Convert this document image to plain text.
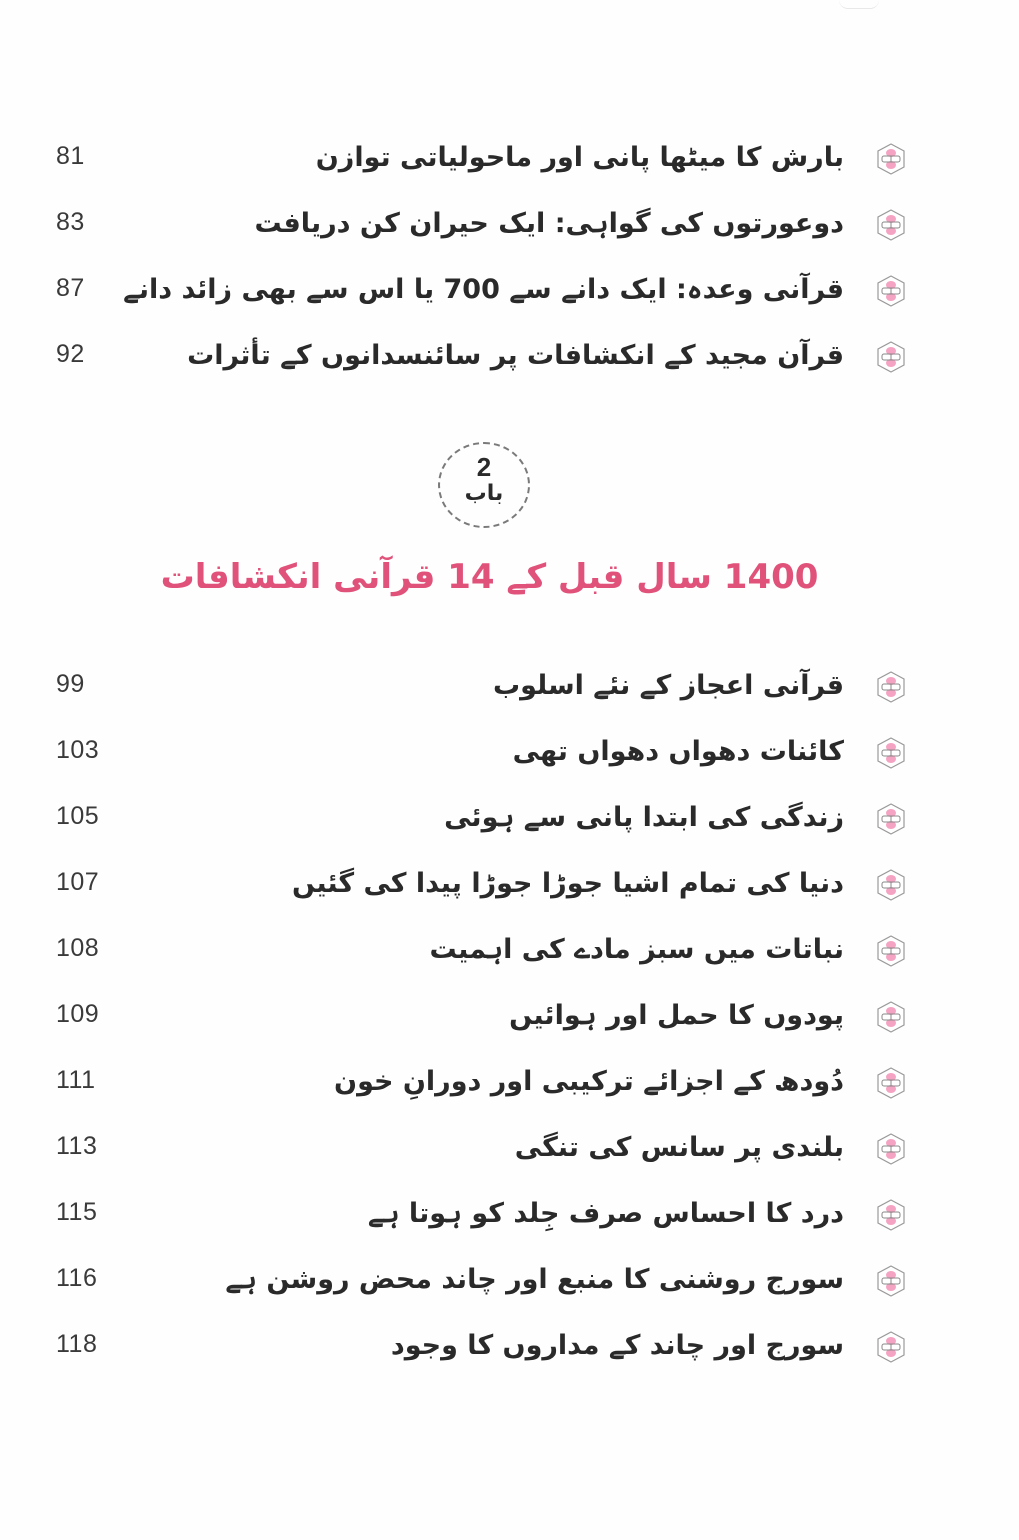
81	بارش کا میٹھا پانی اور ماحولیاتی توازن
83	دوعورتوں کی گواہی: ایک حیران کن دریافت
87 قرآنی وعدہ: ایک دانے سے 700 یا اس سے بھی زائد دانے
92	قرآن مجید کے انکشافات پر سائنسدانوں کے تأثرات
2
باب
1400 سال قبل کے 14 قرآنی انکشافات
99	قرآنی اعجاز کے نئے اسلوب
103	کائنات دھواں دھواں تھی
105	زندگی کی ابتدا پانی سے ہوئی
107	دنیا کی تمام اشیا جوڑا جوڑا پیدا کی گئیں
108	نباتات میں سبز مادے کی اہمیت
109	پودوں کا حمل اور ہوائیں
111	دُودھ کے اجزائے ترکیبی اور دورانِ خون
113	بلندی پر سانس کی تنگی
115	درد کا احساس صرف جِلد کو ہوتا ہے
116	سورج روشنی کا منبع اور چاند محض روشن ہے
118	سورج اور چاند کے مداروں کا وجود
